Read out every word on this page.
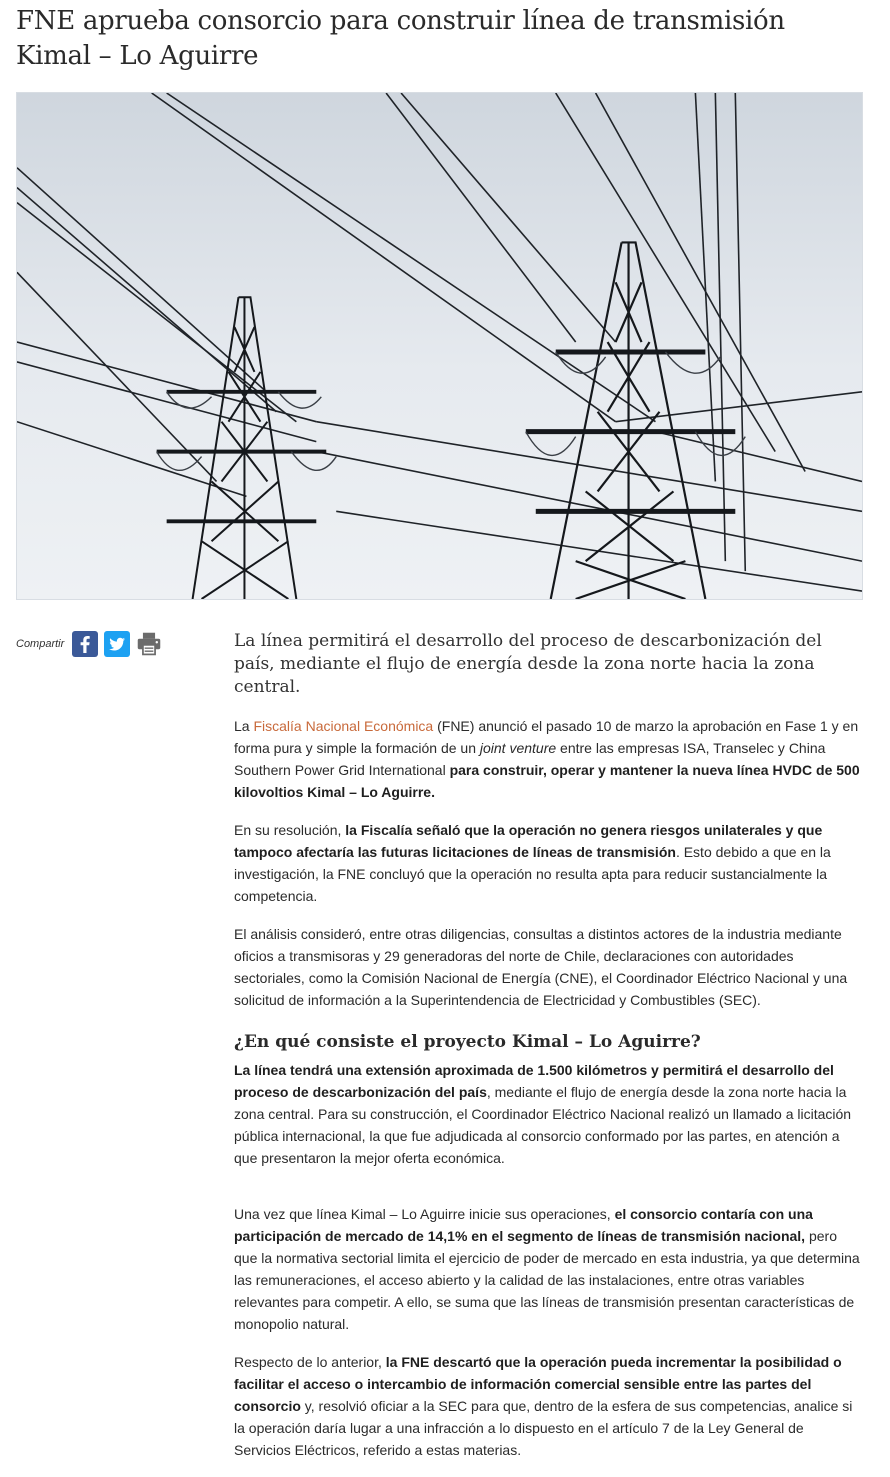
FNE aprueba consorcio para construir línea de transmisión Kimal – Lo Aguirre
Compartir	La línea permitirá el desarrollo del proceso de descarbonización del país, mediante el flujo de energía desde la zona norte hacia la zona central.

La Fiscalía Nacional Económica (FNE) anunció el pasado 10 de marzo la aprobación en Fase 1 y en forma pura y simple la formación de un joint venture entre las empresas ISA, Transelec y China Southern Power Grid International para construir, operar y mantener la nueva línea HVDC de 500 kilovoltios Kimal – Lo Aguirre.

En su resolución, la Fiscalía señaló que la operación no genera riesgos unilaterales y que tampoco afectaría las futuras licitaciones de líneas de transmisión. Esto debido a que en la investigación, la FNE concluyó que la operación no resulta apta para reducir sustancialmente la competencia.

El análisis consideró, entre otras diligencias, consultas a distintos actores de la industria mediante oficios a transmisoras y 29 generadoras del norte de Chile, declaraciones con autoridades sectoriales, como la Comisión Nacional de Energía (CNE), el Coordinador Eléctrico Nacional y una solicitud de información a la Superintendencia de Electricidad y Combustibles (SEC).

¿En qué consiste el proyecto Kimal – Lo Aguirre?

La línea tendrá una extensión aproximada de 1.500 kilómetros y permitirá el desarrollo del proceso de descarbonización del país, mediante el flujo de energía desde la zona norte hacia la zona central. Para su construcción, el Coordinador Eléctrico Nacional realizó un llamado a licitación pública internacional, la que fue adjudicada al consorcio conformado por las partes, en atención a que presentaron la mejor oferta económica.

Una vez que línea Kimal – Lo Aguirre inicie sus operaciones, el consorcio contaría con una participación de mercado de 14,1% en el segmento de líneas de transmisión nacional, pero que la normativa sectorial limita el ejercicio de poder de mercado en esta industria, ya que determina las remuneraciones, el acceso abierto y la calidad de las instalaciones, entre otras variables relevantes para competir. A ello, se suma que las líneas de transmisión presentan características de monopolio natural.

Respecto de lo anterior, la FNE descartó que la operación pueda incrementar la posibilidad o facilitar el acceso o intercambio de información comercial sensible entre las partes del consorcio y, resolvió oficiar a la SEC para que, dentro de la esfera de sus competencias, analice si la operación daría lugar a una infracción a lo dispuesto en el artículo 7 de la Ley General de Servicios Eléctricos, referido a estas materias.
